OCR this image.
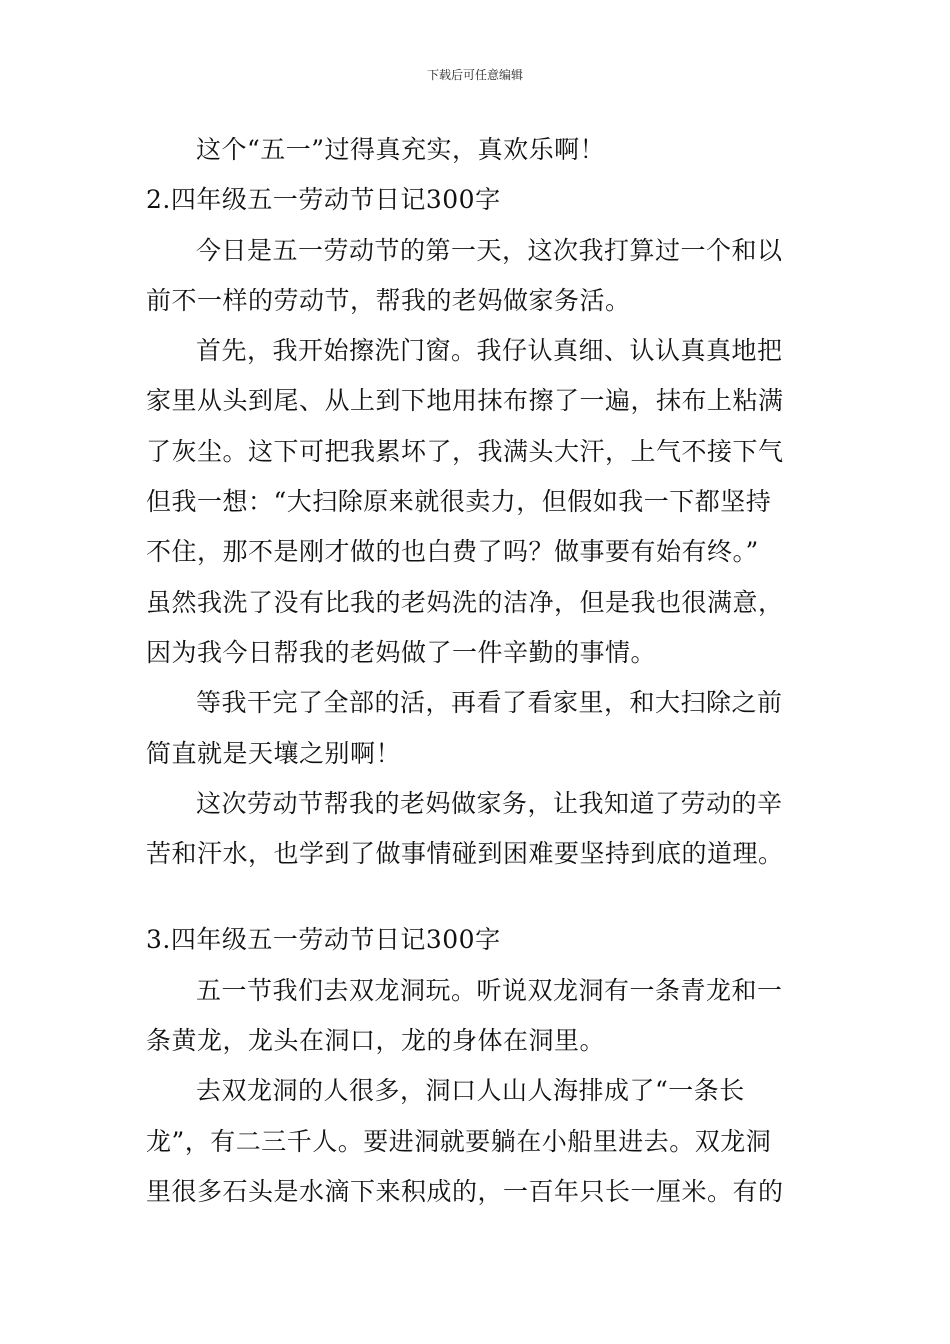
下载后可任意编辑
这个“五一”过得真充实，真欢乐啊！
2.四年级五一劳动节日记300字
今日是五一劳动节的第一天，这次我打算过一个和以
前不一样的劳动节，帮我的老妈做家务活。
首先，我开始擦洗门窗。我仔认真细、认认真真地把
家里从头到尾、从上到下地用抹布擦了一遍，抹布上粘满
了灰尘。这下可把我累坏了，我满头大汗，上气不接下气
但我一想：“大扫除原来就很卖力，但假如我一下都坚持
不住，那不是刚才做的也白费了吗？做事要有始有终。”
虽然我洗了没有比我的老妈洗的洁净，但是我也很满意，
因为我今日帮我的老妈做了一件辛勤的事情。
等我干完了全部的活，再看了看家里，和大扫除之前
简直就是天壤之别啊！
这次劳动节帮我的老妈做家务，让我知道了劳动的辛
苦和汗水，也学到了做事情碰到困难要坚持到底的道理。
3.四年级五一劳动节日记300字
五一节我们去双龙洞玩。听说双龙洞有一条青龙和一
条黄龙，龙头在洞口，龙的身体在洞里。
去双龙洞的人很多，洞口人山人海排成了“一条长
龙”，有二三千人。要进洞就要躺在小船里进去。双龙洞
里很多石头是水滴下来积成的，一百年只长一厘米。有的
